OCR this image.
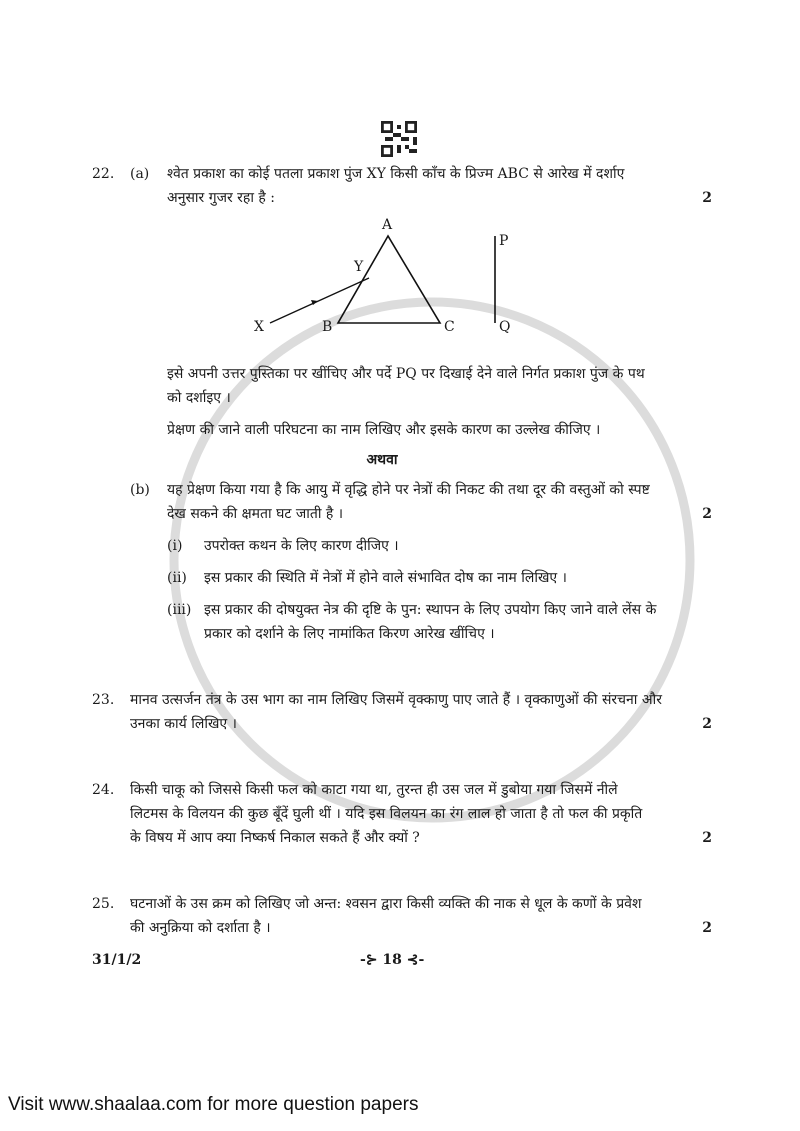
22.	(a)	श्वेत प्रकाश का कोई पतला प्रकाश पुंज XY किसी काँच के प्रिज्म ABC से आरेख में दर्शाए
अनुसार गुजर रहा है :	2
A
Y
X	B	C
P
Q
इसे अपनी उत्तर पुस्तिका पर खींचिए और पर्दे PQ पर दिखाई देने वाले निर्गत प्रकाश पुंज के पथ
को दर्शाइए ।
प्रेक्षण की जाने वाली परिघटना का नाम लिखिए और इसके कारण का उल्लेख कीजिए ।
अथवा
(b)	यह प्रेक्षण किया गया है कि आयु में वृद्धि होने पर नेत्रों की निकट की तथा दूर की वस्तुओं को स्पष्ट
देख सकने की क्षमता घट जाती है ।	2
(i)	उपरोक्त कथन के लिए कारण दीजिए ।
(ii)	इस प्रकार की स्थिति में नेत्रों में होने वाले संभावित दोष का नाम लिखिए ।
(iii) इस प्रकार की दोषयुक्त नेत्र की दृष्टि के पुन: स्थापन के लिए उपयोग किए जाने वाले लेंस के
प्रकार को दर्शाने के लिए नामांकित किरण आरेख खींचिए ।
23.	मानव उत्सर्जन तंत्र के उस भाग का नाम लिखिए जिसमें वृक्काणु पाए जाते हैं । वृक्काणुओं की संरचना और
उनका कार्य लिखिए ।	2
24.	किसी चाकू को जिससे किसी फल को काटा गया था, तुरन्त ही उस जल में डुबोया गया जिसमें नीले
लिटमस के विलयन की कुछ बूँदें घुली थीं । यदि इस विलयन का रंग लाल हो जाता है तो फल की प्रकृति
के विषय में आप क्या निष्कर्ष निकाल सकते हैं और क्यों ?	2
25.	घटनाओं के उस क्रम को लिखिए जो अन्त: श्वसन द्वारा किसी व्यक्ति की नाक से धूल के कणों के प्रवेश
की अनुक्रिया को दर्शाता है ।	2
31/1/2	-⊱ 18 ⊰-
Visit www.shaalaa.com for more question papers
